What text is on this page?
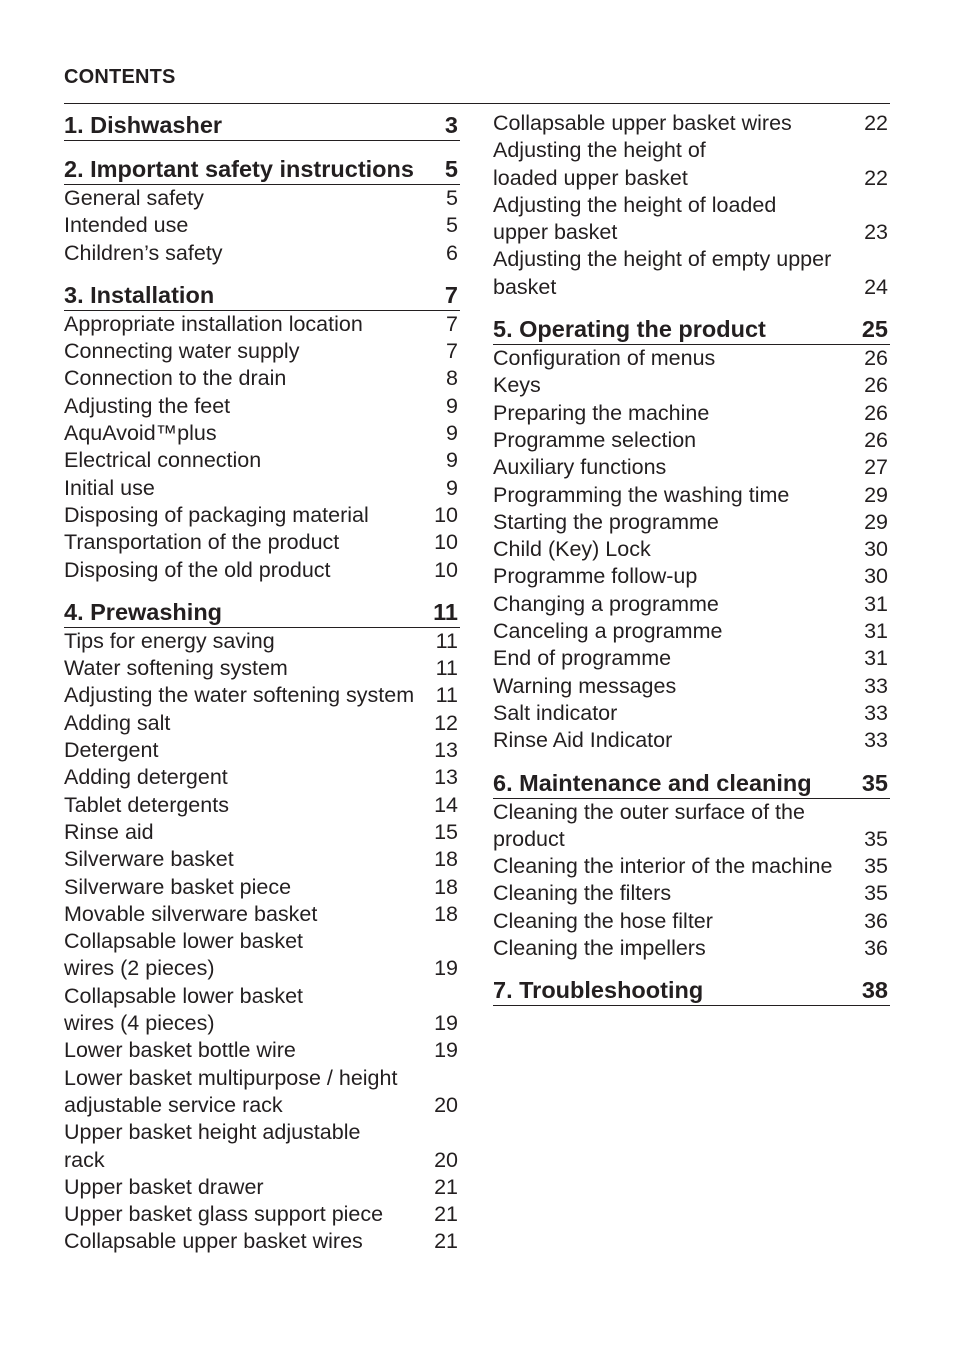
CONTENTS
1. Dishwasher	3
2. Important safety instructions 5
General safety	5
Intended use	5
Children’s safety	6
3. Installation	7
Appropriate installation location	7
Connecting water supply	7
Connection to the drain	8
Adjusting the feet	9
AquAvoid™plus	9
Electrical connection	9
Initial use	9
Disposing of packaging material	10
Transportation of the product	10
Disposing of the old product	10
4. Prewashing	11
Tips for energy saving	11
Water softening system	11
Adjusting the water softening system 11
Adding salt	12
Detergent	13
Adding detergent	13
Tablet detergents	14
Rinse aid	15
Silverware basket	18
Silverware basket piece	18
Movable silverware basket	18
Collapsable lower basket
wires (2 pieces)	19
Collapsable lower basket
wires (4 pieces)	19
Lower basket bottle wire	19
Lower basket multipurpose / height
adjustable service rack	20
Upper basket height adjustable
rack	20
Upper basket drawer	21
Upper basket glass support piece 21
Collapsable upper basket wires	21
Collapsable upper basket wires	22
Adjusting the height of
loaded upper basket	22
Adjusting the height of loaded
upper basket	23
Adjusting the height of empty upper
basket	24
5. Operating the product	25
Configuration of menus	26
Keys	26
Preparing the machine	26
Programme selection	26
Auxiliary functions	27
Programming the washing time	29
Starting the programme	29
Child (Key) Lock	30
Programme follow-up	30
Changing a programme	31
Canceling a programme	31
End of programme	31
Warning messages	33
Salt indicator	33
Rinse Aid Indicator	33
6. Maintenance and cleaning 35
Cleaning the outer surface of the
product	35
Cleaning the interior of the machine 35
Cleaning the filters	35
Cleaning the hose filter	36
Cleaning the impellers	36
7. Troubleshooting	38
